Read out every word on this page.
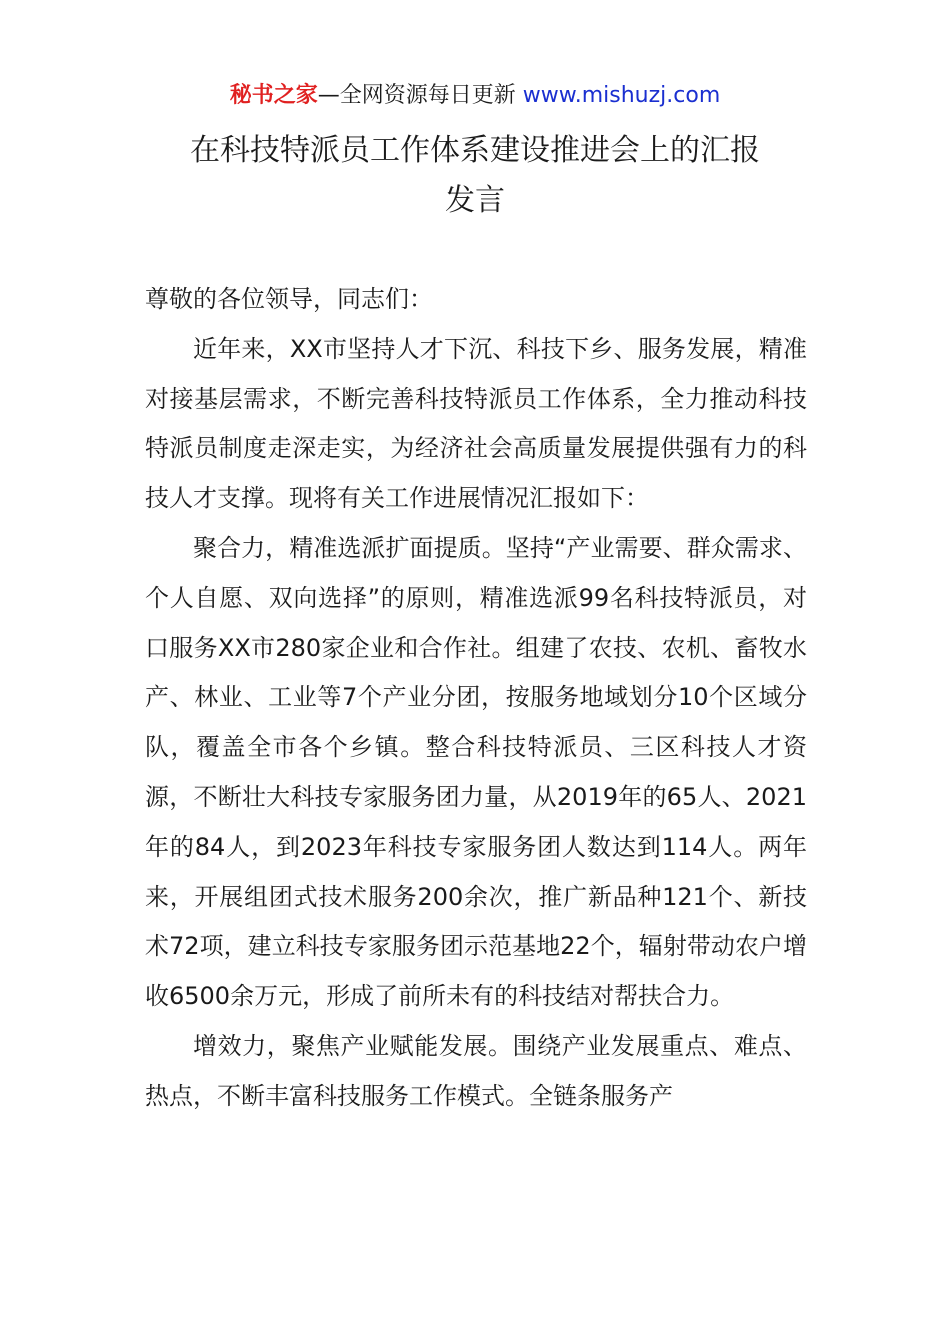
秘书之家—全网资源每日更新 www.mishuzj.com
在科技特派员工作体系建设推进会上的汇报
发言

尊敬的各位领导，同志们：

近年来，XX市坚持人才下沉、科技下乡、服务发展，精准对接基层需求，不断完善科技特派员工作体系，全力推动科技特派员制度走深走实，为经济社会高质量发展提供强有力的科技人才支撑。现将有关工作进展情况汇报如下：

聚合力，精准选派扩面提质。坚持“产业需要、群众需求、个人自愿、双向选择”的原则，精准选派99名科技特派员，对口服务XX市280家企业和合作社。组建了农技、农机、畜牧水产、林业、工业等7个产业分团，按服务地域划分10个区域分队，覆盖全市各个乡镇。整合科技特派员、三区科技人才资源，不断壮大科技专家服务团力量，从2019年的65人、2021年的84人，到2023年科技专家服务团人数达到114人。两年来，开展组团式技术服务200余次，推广新品种121个、新技术72项，建立科技专家服务团示范基地22个，辐射带动农户增收6500余万元，形成了前所未有的科技结对帮扶合力。

增效力，聚焦产业赋能发展。围绕产业发展重点、难点、热点，不断丰富科技服务工作模式。全链条服务产
